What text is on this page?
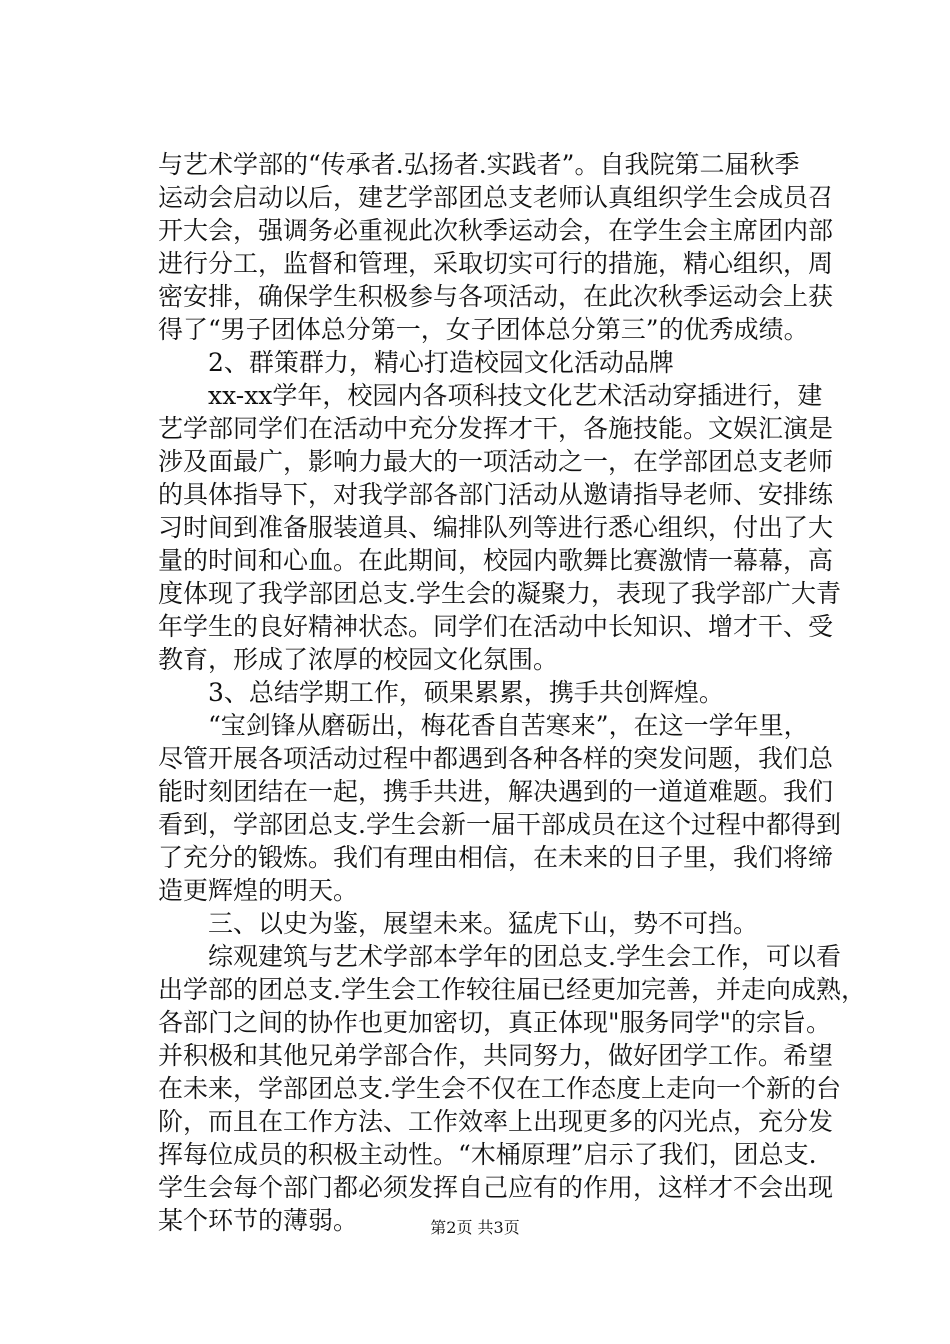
与艺术学部的“传承者.弘扬者.实践者”。自我院第二届秋季
运动会启动以后，建艺学部团总支老师认真组织学生会成员召
开大会，强调务必重视此次秋季运动会，在学生会主席团内部
进行分工，监督和管理，采取切实可行的措施，精心组织，周
密安排，确保学生积极参与各项活动，在此次秋季运动会上获
得了“男子团体总分第一，女子团体总分第三”的优秀成绩。
　　2、群策群力，精心打造校园文化活动品牌
　　xx-xx学年，校园内各项科技文化艺术活动穿插进行，建
艺学部同学们在活动中充分发挥才干，各施技能。文娱汇演是
涉及面最广，影响力最大的一项活动之一，在学部团总支老师
的具体指导下，对我学部各部门活动从邀请指导老师、安排练
习时间到准备服装道具、编排队列等进行悉心组织，付出了大
量的时间和心血。在此期间，校园内歌舞比赛激情一幕幕，高
度体现了我学部团总支.学生会的凝聚力，表现了我学部广大青
年学生的良好精神状态。同学们在活动中长知识、增才干、受
教育，形成了浓厚的校园文化氛围。
　　3、总结学期工作，硕果累累，携手共创辉煌。
　　“宝剑锋从磨砺出，梅花香自苦寒来”，在这一学年里，
尽管开展各项活动过程中都遇到各种各样的突发问题，我们总
能时刻团结在一起，携手共进，解决遇到的一道道难题。我们
看到，学部团总支.学生会新一届干部成员在这个过程中都得到
了充分的锻炼。我们有理由相信，在未来的日子里，我们将缔
造更辉煌的明天。
　　三、以史为鉴，展望未来。猛虎下山，势不可挡。
　　综观建筑与艺术学部本学年的团总支.学生会工作，可以看
出学部的团总支.学生会工作较往届已经更加完善，并走向成熟，
各部门之间的协作也更加密切，真正体现"服务同学"的宗旨。
并积极和其他兄弟学部合作，共同努力，做好团学工作。希望
在未来，学部团总支.学生会不仅在工作态度上走向一个新的台
阶，而且在工作方法、工作效率上出现更多的闪光点，充分发
挥每位成员的积极主动性。“木桶原理”启示了我们，团总支.
学生会每个部门都必须发挥自己应有的作用，这样才不会出现
某个环节的薄弱。	第2页 共3页
